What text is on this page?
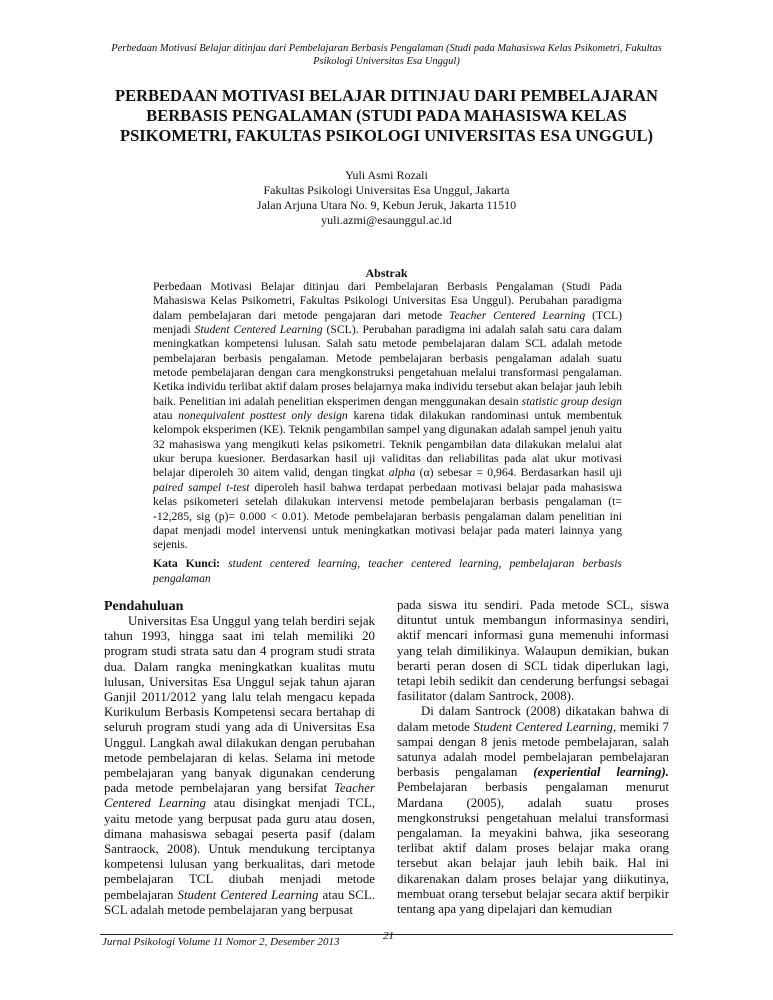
Perbedaan Motivasi Belajar ditinjau dari Pembelajaran Berbasis Pengalaman (Studi pada Mahasiswa Kelas Psikometri, Fakultas Psikologi Universitas Esa Unggul)
PERBEDAAN MOTIVASI BELAJAR DITINJAU DARI PEMBELAJARAN BERBASIS PENGALAMAN (STUDI PADA MAHASISWA KELAS PSIKOMETRI, FAKULTAS PSIKOLOGI UNIVERSITAS ESA UNGGUL)
Yuli Asmi Rozali
Fakultas Psikologi Universitas Esa Unggul, Jakarta
Jalan Arjuna Utara No. 9, Kebun Jeruk, Jakarta 11510
yuli.azmi@esaunggul.ac.id
Abstrak

Perbedaan Motivasi Belajar ditinjau dari Pembelajaran Berbasis Pengalaman (Studi Pada Mahasiswa Kelas Psikometri, Fakultas Psikologi Universitas Esa Unggul). Perubahan paradigma dalam pembelajaran dari metode pengajaran dari metode Teacher Centered Learning (TCL) menjadi Student Centered Learning (SCL). Perubahan paradigma ini adalah salah satu cara dalam meningkatkan kompetensi lulusan. Salah satu metode pembelajaran dalam SCL adalah metode pembelajaran berbasis pengalaman. Metode pembelajaran berbasis pengalaman adalah suatu metode pembelajaran dengan cara mengkonstruksi pengetahuan melalui transformasi pengalaman. Ketika individu terlibat aktif dalam proses belajarnya maka individu tersebut akan belajar jauh lebih baik. Penelitian ini adalah penelitian eksperimen dengan menggunakan desain statistic group design atau nonequivalent posttest only design karena tidak dilakukan randominasi untuk membentuk kelompok eksperimen (KE). Teknik pengambilan sampel yang digunakan adalah sampel jenuh yaitu 32 mahasiswa yang mengikuti kelas psikometri. Teknik pengambilan data dilakukan melalui alat ukur berupa kuesioner. Berdasarkan hasil uji validitas dan reliabilitas pada alat ukur motivasi belajar diperoleh 30 aitem valid, dengan tingkat alpha (α) sebesar = 0,964. Berdasarkan hasil uji paired sampel t-test diperoleh hasil bahwa terdapat perbedaan motivasi belajar pada mahasiswa kelas psikometeri setelah dilakukan intervensi metode pembelajaran berbasis pengalaman (t= -12,285, sig (p)= 0.000 < 0.01). Metode pembelajaran berbasis pengalaman dalam penelitian ini dapat menjadi model intervensi untuk meningkatkan motivasi belajar pada materi lainnya yang sejenis.

Kata Kunci: student centered learning, teacher centered learning, pembelajaran berbasis pengalaman

Pendahuluan

Universitas Esa Unggul yang telah berdiri sejak tahun 1993, hingga saat ini telah memiliki 20 program studi strata satu dan 4 program studi strata dua. Dalam rangka meningkatkan kualitas mutu lulusan, Universitas Esa Unggul sejak tahun ajaran Ganjil 2011/2012 yang lalu telah mengacu kepada Kurikulum Berbasis Kompetensi secara bertahap di seluruh program studi yang ada di Universitas Esa Unggul. Langkah awal dilakukan dengan perubahan metode pembelajaran di kelas. Selama ini metode pembelajaran yang banyak digunakan cenderung pada metode pembelajaran yang bersifat Teacher Centered Learning atau disingkat menjadi TCL, yaitu metode yang berpusat pada guru atau dosen, dimana mahasiswa sebagai peserta pasif (dalam Santraock, 2008). Untuk mendukung terciptanya kompetensi lulusan yang berkualitas, dari metode pembelajaran TCL diubah menjadi metode pembelajaran Student Centered Learning atau SCL. SCL adalah metode pembelajaran yang berpusat

pada siswa itu sendiri. Pada metode SCL, siswa dituntut untuk membangun informasinya sendiri, aktif mencari informasi guna memenuhi informasi yang telah dimilikinya. Walaupun demikian, bukan berarti peran dosen di SCL tidak diperlukan lagi, tetapi lebih sedikit dan cenderung berfungsi sebagai fasilitator (dalam Santrock, 2008).

Di dalam Santrock (2008) dikatakan bahwa di dalam metode Student Centered Learning, memiki 7 sampai dengan 8 jenis metode pembelajaran, salah satunya adalah model pembelajaran pembelajaran berbasis pengalaman (experiential learning). Pembelajaran berbasis pengalaman menurut Mardana (2005), adalah suatu proses mengkonstruksi pengetahuan melalui transformasi pengalaman. Ia meyakini bahwa, jika seseorang terlibat aktif dalam proses belajar maka orang tersebut akan belajar jauh lebih baik. Hal ini dikarenakan dalam proses belajar yang diikutinya, membuat orang tersebut belajar secara aktif berpikir tentang apa yang dipelajari dan kemudian

Jurnal Psikologi Volume 11 Nomor 2, Desember 2013	21
